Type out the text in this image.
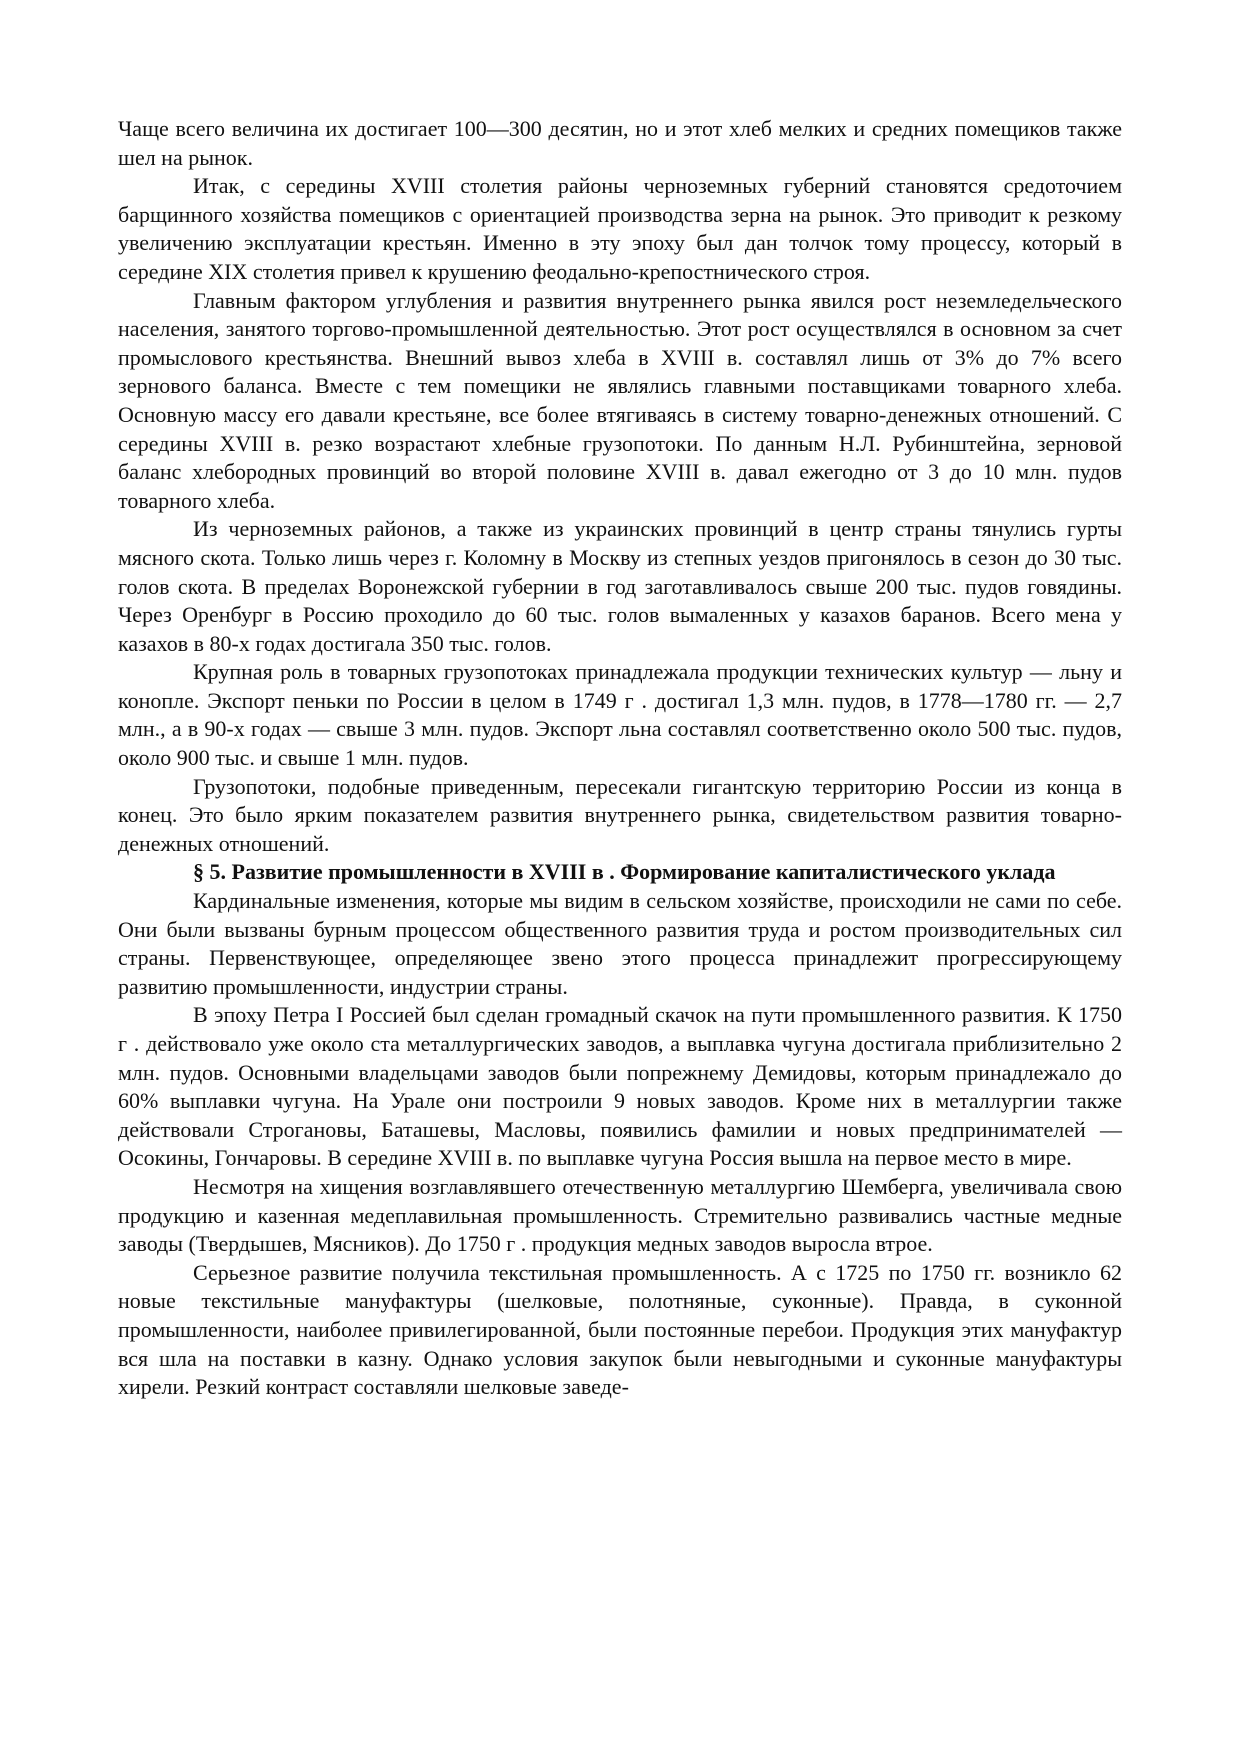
Чаще всего величина их достигает 100—300 десятин, но и этот хлеб мелких и средних помещиков также шел на рынок.

Итак, с середины XVIII столетия районы черноземных губерний становятся средоточием барщинного хозяйства помещиков с ориентацией производства зерна на рынок. Это приводит к резкому увеличению эксплуатации крестьян. Именно в эту эпоху был дан толчок тому процессу, который в середине XIX столетия привел к крушению феодально-крепостнического строя.

Главным фактором углубления и развития внутреннего рынка явился рост неземледельческого населения, занятого торгово-промышленной деятельностью. Этот рост осуществлялся в основном за счет промыслового крестьянства. Внешний вывоз хлеба в XVIII в. составлял лишь от 3% до 7% всего зернового баланса. Вместе с тем помещики не являлись главными поставщиками товарного хлеба. Основную массу его давали крестьяне, все более втягиваясь в систему товарно-денежных отношений. С середины XVIII в. резко возрастают хлебные грузопотоки. По данным Н.Л. Рубинштейна, зерновой баланс хлебородных провинций во второй половине XVIII в. давал ежегодно от 3 до 10 млн. пудов товарного хлеба.

Из черноземных районов, а также из украинских провинций в центр страны тянулись гурты мясного скота. Только лишь через г. Коломну в Москву из степных уездов пригонялось в сезон до 30 тыс. голов скота. В пределах Воронежской губернии в год заготавливалось свыше 200 тыс. пудов говядины. Через Оренбург в Россию проходило до 60 тыс. голов вымаленных у казахов баранов. Всего мена у казахов в 80-х годах достигала 350 тыс. голов.

Крупная роль в товарных грузопотоках принадлежала продукции технических культур — льну и конопле. Экспорт пеньки по России в целом в 1749 г . достигал 1,3 млн. пудов, в 1778—1780 гг. — 2,7 млн., а в 90-х годах — свыше 3 млн. пудов. Экспорт льна составлял соответственно около 500 тыс. пудов, около 900 тыс. и свыше 1 млн. пудов.

Грузопотоки, подобные приведенным, пересекали гигантскую территорию России из конца в конец. Это было ярким показателем развития внутреннего рынка, свидетельством развития товарно-денежных отношений.

§ 5. Развитие промышленности в XVIII в . Формирование капиталистического уклада

Кардинальные изменения, которые мы видим в сельском хозяйстве, происходили не сами по себе. Они были вызваны бурным процессом общественного развития труда и ростом производительных сил страны. Первенствующее, определяющее звено этого процесса принадлежит прогрессирующему развитию промышленности, индустрии страны.

В эпоху Петра I Россией был сделан громадный скачок на пути промышленного развития. К 1750 г . действовало уже около ста металлургических заводов, а выплавка чугуна достигала приблизительно 2 млн. пудов. Основными владельцами заводов были попрежнему Демидовы, которым принадлежало до 60% выплавки чугуна. На Урале они построили 9 новых заводов. Кроме них в металлургии также действовали Строгановы, Баташевы, Масловы, появились фамилии и новых предпринимателей — Осокины, Гончаровы. В середине XVIII в. по выплавке чугуна Россия вышла на первое место в мире.

Несмотря на хищения возглавлявшего отечественную металлургию Шемберга, увеличивала свою продукцию и казенная медеплавильная промышленность. Стремительно развивались частные медные заводы (Твердышев, Мясников). До 1750 г . продукция медных заводов выросла втрое.

Серьезное развитие получила текстильная промышленность. А с 1725 по 1750 гг. возникло 62 новые текстильные мануфактуры (шелковые, полотняные, суконные). Правда, в суконной промышленности, наиболее привилегированной, были постоянные перебои. Продукция этих мануфактур вся шла на поставки в казну. Однако условия закупок были невыгодными и суконные мануфактуры хирели. Резкий контраст составляли шелковые заведе-
